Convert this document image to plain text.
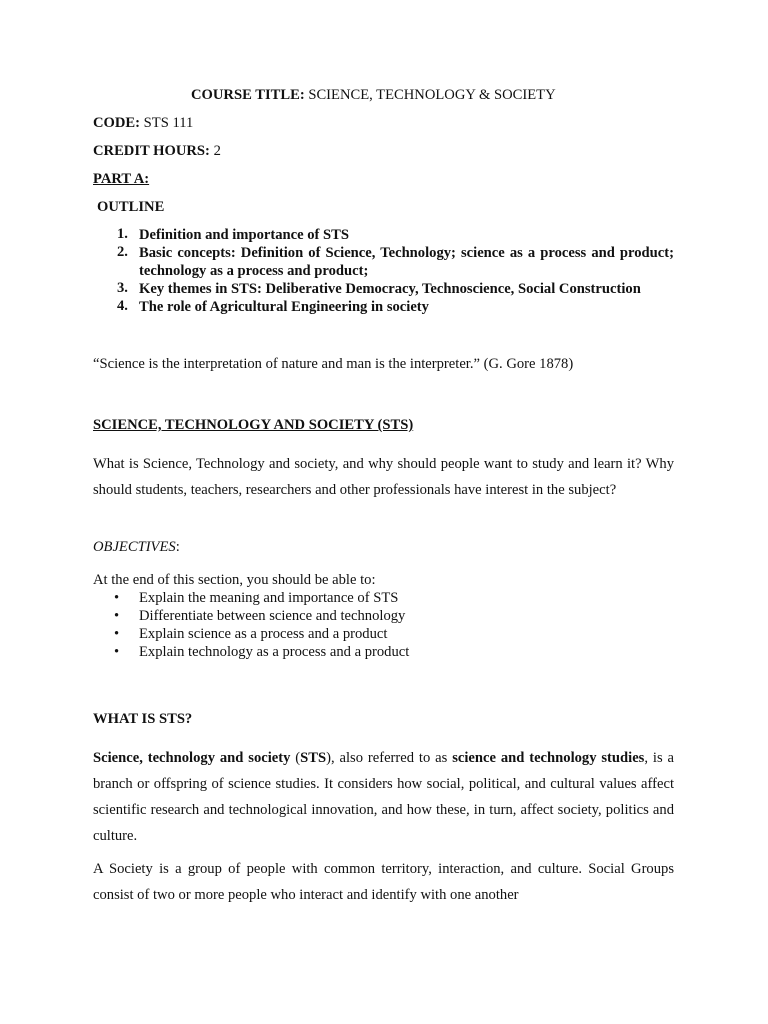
COURSE TITLE: SCIENCE, TECHNOLOGY & SOCIETY
CODE: STS 111
CREDIT HOURS: 2
PART A:
OUTLINE
1. Definition and importance of STS
2. Basic concepts: Definition of Science, Technology; science as a process and product; technology as a process and product;
3. Key themes in STS: Deliberative Democracy, Technoscience, Social Construction
4. The role of Agricultural Engineering in society
“Science is the interpretation of nature and man is the interpreter.” (G. Gore 1878)
SCIENCE, TECHNOLOGY AND SOCIETY (STS)
What is Science, Technology and society, and why should people want to study and learn it? Why should students, teachers, researchers and other professionals have interest in the subject?
OBJECTIVES:
At the end of this section, you should be able to:
• Explain the meaning and importance of STS
• Differentiate between science and technology
• Explain science as a process and a product
• Explain technology as a process and a product
WHAT IS STS?
Science, technology and society (STS), also referred to as science and technology studies, is a branch or offspring of science studies. It considers how social, political, and cultural values affect scientific research and technological innovation, and how these, in turn, affect society, politics and culture.
A Society is a group of people with common territory, interaction, and culture. Social Groups consist of two or more people who interact and identify with one another
